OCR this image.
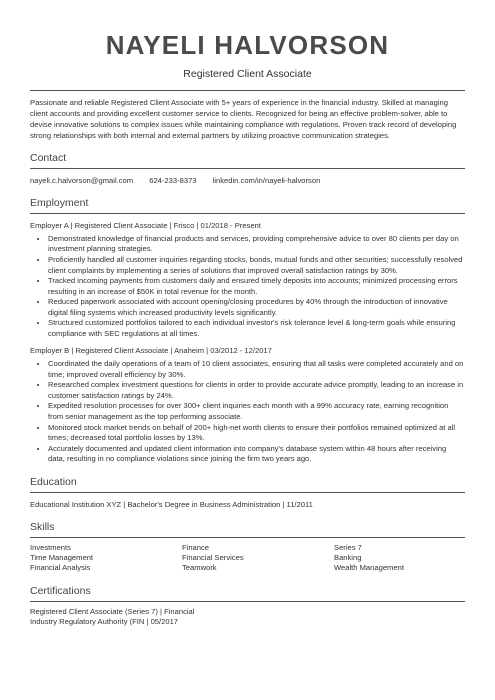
NAYELI HALVORSON
Registered Client Associate
Passionate and reliable Registered Client Associate with 5+ years of experience in the financial industry. Skilled at managing client accounts and providing excellent customer service to clients. Recognized for being an effective problem-solver, able to devise innovative solutions to complex issues while maintaining compliance with regulations. Proven track record of developing strong relationships with both internal and external partners by utilizing proactive communication strategies.
Contact
nayeli.c.halvorson@gmail.com 624-233-8373 linkedin.com/in/nayeli-halvorson
Employment
Employer A | Registered Client Associate | Frisco | 01/2018 - Present
• Demonstrated knowledge of financial products and services, providing comprehensive advice to over 80 clients per day on investment planning strategies.
• Proficiently handled all customer inquiries regarding stocks, bonds, mutual funds and other securities; successfully resolved client complaints by implementing a series of solutions that improved overall satisfaction ratings by 30%.
• Tracked incoming payments from customers daily and ensured timely deposits into accounts; minimized processing errors resulting in an increase of $50K in total revenue for the month.
• Reduced paperwork associated with account opening/closing procedures by 40% through the introduction of innovative digital filing systems which increased productivity levels significantly.
• Structured customized portfolios tailored to each individual investor's risk tolerance level & long-term goals while ensuring compliance with SEC regulations at all times.
Employer B | Registered Client Associate | Anaheim | 03/2012 - 12/2017
• Coordinated the daily operations of a team of 10 client associates, ensuring that all tasks were completed accurately and on time; improved overall efficiency by 30%.
• Researched complex investment questions for clients in order to provide accurate advice promptly, leading to an increase in customer satisfaction ratings by 24%.
• Expedited resolution processes for over 300+ client inquiries each month with a 99% accuracy rate, earning recognition from senior management as the top performing associate.
• Monitored stock market trends on behalf of 200+ high-net worth clients to ensure their portfolios remained optimized at all times; decreased total portfolio losses by 13%.
• Accurately documented and updated client information into company's database system within 48 hours after receiving data, resulting in no compliance violations since joining the firm two years ago.
Education
Educational Institution XYZ | Bachelor's Degree in Business Administration | 11/2011
Skills
Investments	Finance	Series 7
Time Management	Financial Services	Banking
Financial Analysis	Teamwork	Wealth Management
Certifications
Registered Client Associate (Series 7) | Financial Industry Regulatory Authority (FIN | 05/2017
